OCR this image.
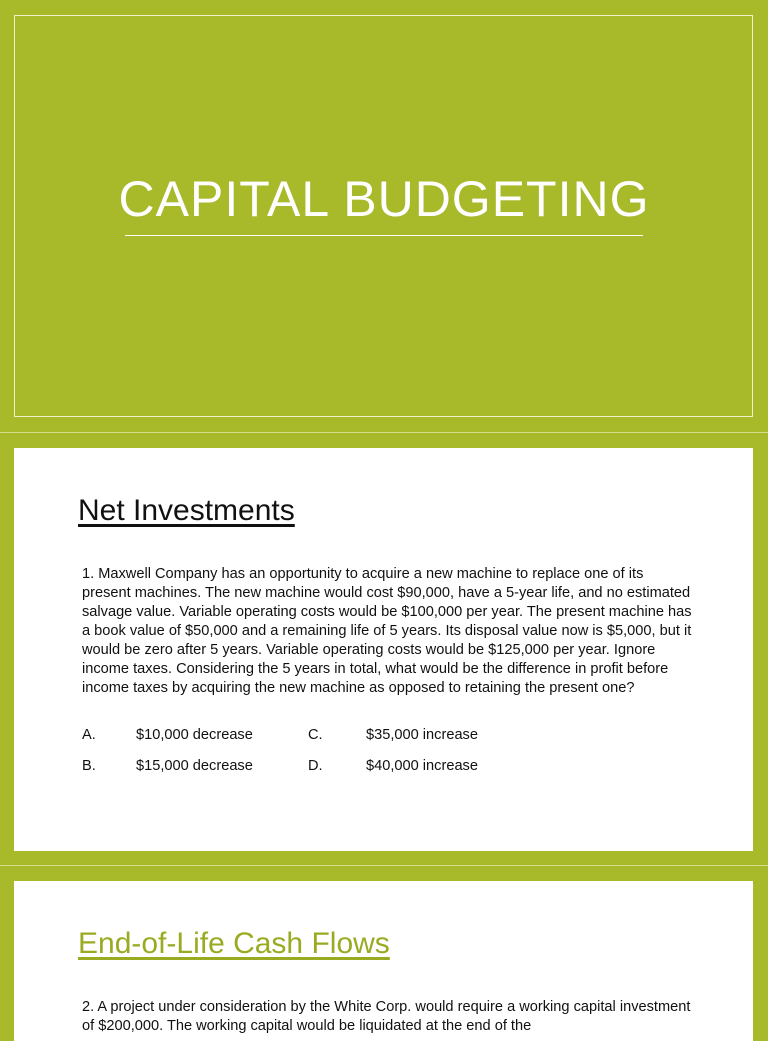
CAPITAL BUDGETING
Net Investments

1. Maxwell Company has an opportunity to acquire a new machine to replace one of its present machines. The new machine would cost $90,000, have a 5-year life, and no estimated salvage value. Variable operating costs would be $100,000 per year. The present machine has a book value of $50,000 and a remaining life of 5 years. Its disposal value now is $5,000, but it would be zero after 5 years. Variable operating costs would be $125,000 per year. Ignore income taxes. Considering the 5 years in total, what would be the difference in profit before income taxes by acquiring the new machine as opposed to retaining the present one?

A.	$10,000 decrease	C.	$35,000 increase
B.	$15,000 decrease	D.	$40,000 increase
End-of-Life Cash Flows

2. A project under consideration by the White Corp. would require a working capital investment of $200,000. The working capital would be liquidated at the end of the
